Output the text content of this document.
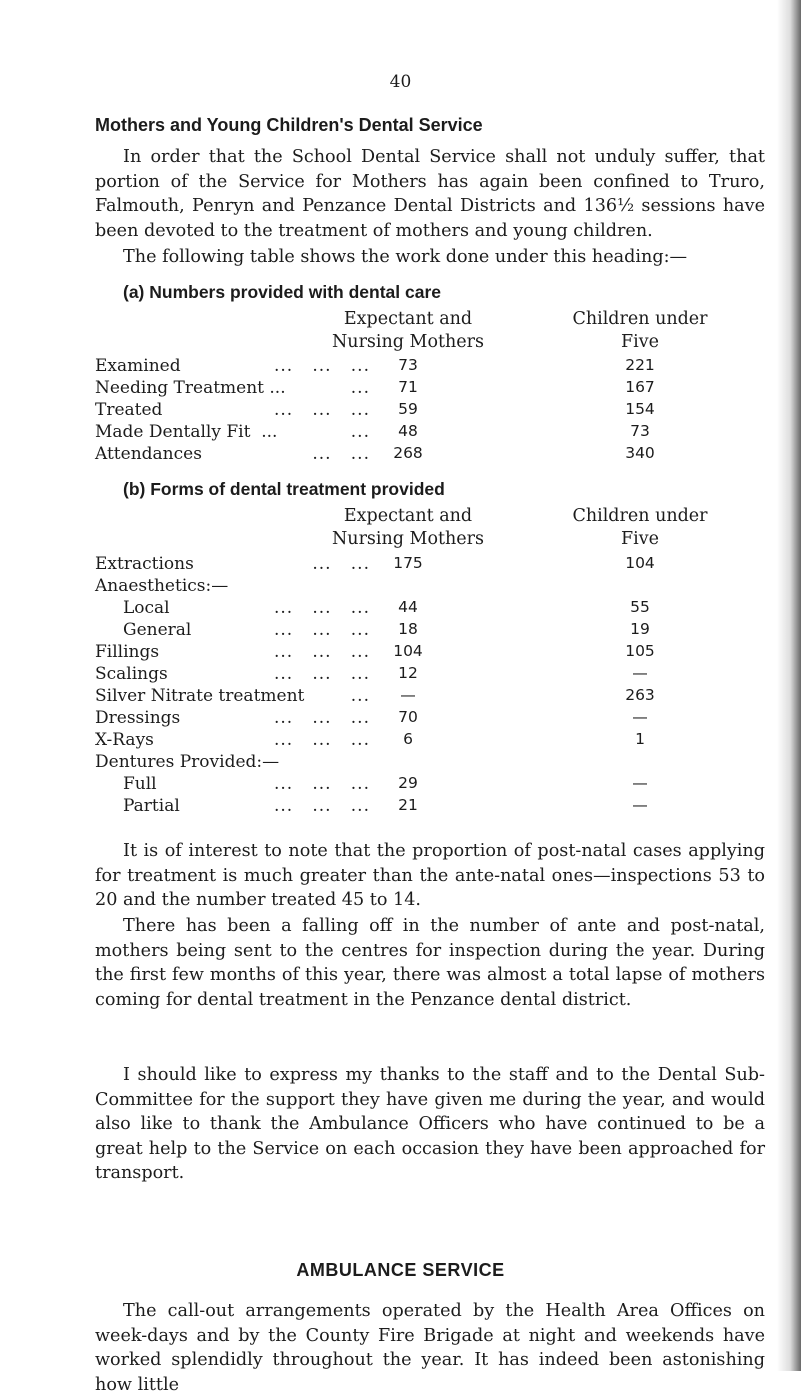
40
Mothers and Young Children's Dental Service
In order that the School Dental Service shall not unduly suffer, that portion of the Service for Mothers has again been confined to Truro, Falmouth, Penryn and Penzance Dental Districts and 136½ sessions have been devoted to the treatment of mothers and young children.
The following table shows the work done under this heading:—
(a) Numbers provided with dental care
Expectant and
Nursing Mothers
Children under
Five
Examined	...   ...   ...	73	221
Needing Treatment ...	...	71	167
Treated	...   ...   ...	59	154
Made Dentally Fit  ...	...	48	73
Attendances	...   ...	268	340
(b) Forms of dental treatment provided
Expectant and
Nursing Mothers
Children under
Five
Extractions	...   ...	175	104
Anaesthetics:—
Local	...   ...   ...	44	55
General	...   ...   ...	18	19
Fillings	...   ...   ...	104	105
Scalings	...   ...   ...	12	—
Silver Nitrate treatment	...	—	263
Dressings	...   ...   ...	70	—
X-Rays	...   ...   ...	6	1
Dentures Provided:—
Full	...   ...   ...	29	—
Partial	...   ...   ...	21	—
It is of interest to note that the proportion of post-natal cases applying for treatment is much greater than the ante-natal ones—inspections 53 to 20 and the number treated 45 to 14.
There has been a falling off in the number of ante and post-natal, mothers being sent to the centres for inspection during the year. During the first few months of this year, there was almost a total lapse of mothers coming for dental treatment in the Penzance dental district.
I should like to express my thanks to the staff and to the Dental Sub-Committee for the support they have given me during the year, and would also like to thank the Ambulance Officers who have continued to be a great help to the Service on each occasion they have been approached for transport.
AMBULANCE SERVICE
The call-out arrangements operated by the Health Area Offices on week-days and by the County Fire Brigade at night and weekends have worked splendidly throughout the year. It has indeed been astonishing how little
